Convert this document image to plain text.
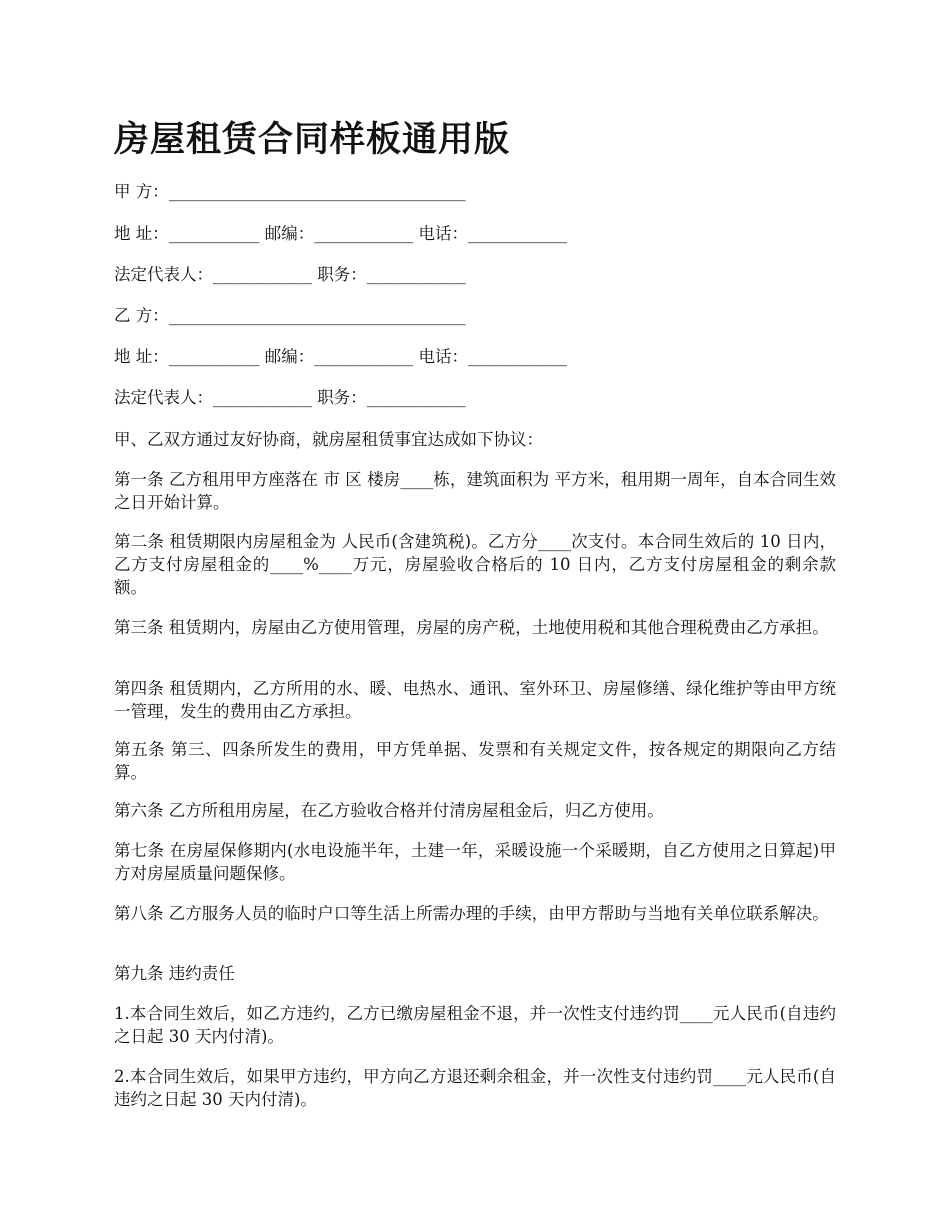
房屋租赁合同样板通用版
甲 方：____________________________________
地 址：___________ 邮编：____________ 电话：____________
法定代表人：____________ 职务：____________
乙 方：____________________________________
地 址：___________ 邮编：____________ 电话：____________
法定代表人：____________ 职务：____________
甲、乙双方通过友好协商，就房屋租赁事宜达成如下协议：

第一条 乙方租用甲方座落在 市 区 楼房____栋，建筑面积为 平方米，租用期一周年，自本合同生效之日开始计算。

第二条 租赁期限内房屋租金为 人民币(含建筑税)。乙方分____次支付。本合同生效后的 10 日内，乙方支付房屋租金的____%____万元，房屋验收合格后的 10 日内，乙方支付房屋租金的剩余款额。

第三条 租赁期内，房屋由乙方使用管理，房屋的房产税，土地使用税和其他合理税费由乙方承担。

第四条 租赁期内，乙方所用的水、暖、电热水、通讯、室外环卫、房屋修缮、绿化维护等由甲方统一管理，发生的费用由乙方承担。

第五条 第三、四条所发生的费用，甲方凭单据、发票和有关规定文件，按各规定的期限向乙方结算。

第六条 乙方所租用房屋，在乙方验收合格并付清房屋租金后，归乙方使用。

第七条 在房屋保修期内(水电设施半年，土建一年，采暖设施一个采暖期，自乙方使用之日算起)甲方对房屋质量问题保修。

第八条 乙方服务人员的临时户口等生活上所需办理的手续，由甲方帮助与当地有关单位联系解决。

第九条 违约责任

1.本合同生效后，如乙方违约，乙方已缴房屋租金不退，并一次性支付违约罚____元人民币(自违约之日起 30 天内付清)。

2.本合同生效后，如果甲方违约，甲方向乙方退还剩余租金，并一次性支付违约罚____元人民币(自违约之日起 30 天内付清)。
